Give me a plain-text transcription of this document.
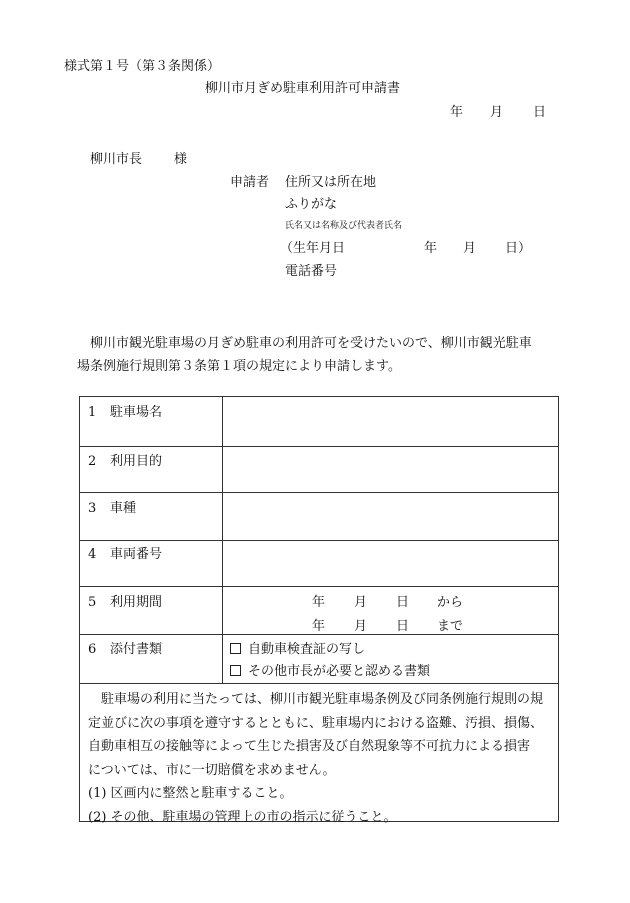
様式第１号（第３条関係）
柳川市月ぎめ駐車利用許可申請書
年 月 日
柳川市長 様
申請者 住所又は所在地
ふりがな
氏名又は名称及び代表者氏名
（生年月日	年 月 日）
電話番号
柳川市観光駐車場の月ぎめ駐車の利用許可を受けたいので、柳川市観光駐車
場条例施行規則第３条第１項の規定により申請します。
1 駐車場名
2 利用目的
3 車種
4 車両番号
5 利用期間
6 添付書類
年 月 日 から
年 月 日 まで
自動車検査証の写し
その他市長が必要と認める書類
駐車場の利用に当たっては、柳川市観光駐車場条例及び同条例施行規則の規
定並びに次の事項を遵守するとともに、駐車場内における盗難、汚損、損傷、
自動車相互の接触等によって生じた損害及び自然現象等不可抗力による損害
については、市に一切賠償を求めません。
(1) 区画内に整然と駐車すること。
(2) その他、駐車場の管理上の市の指示に従うこと。
